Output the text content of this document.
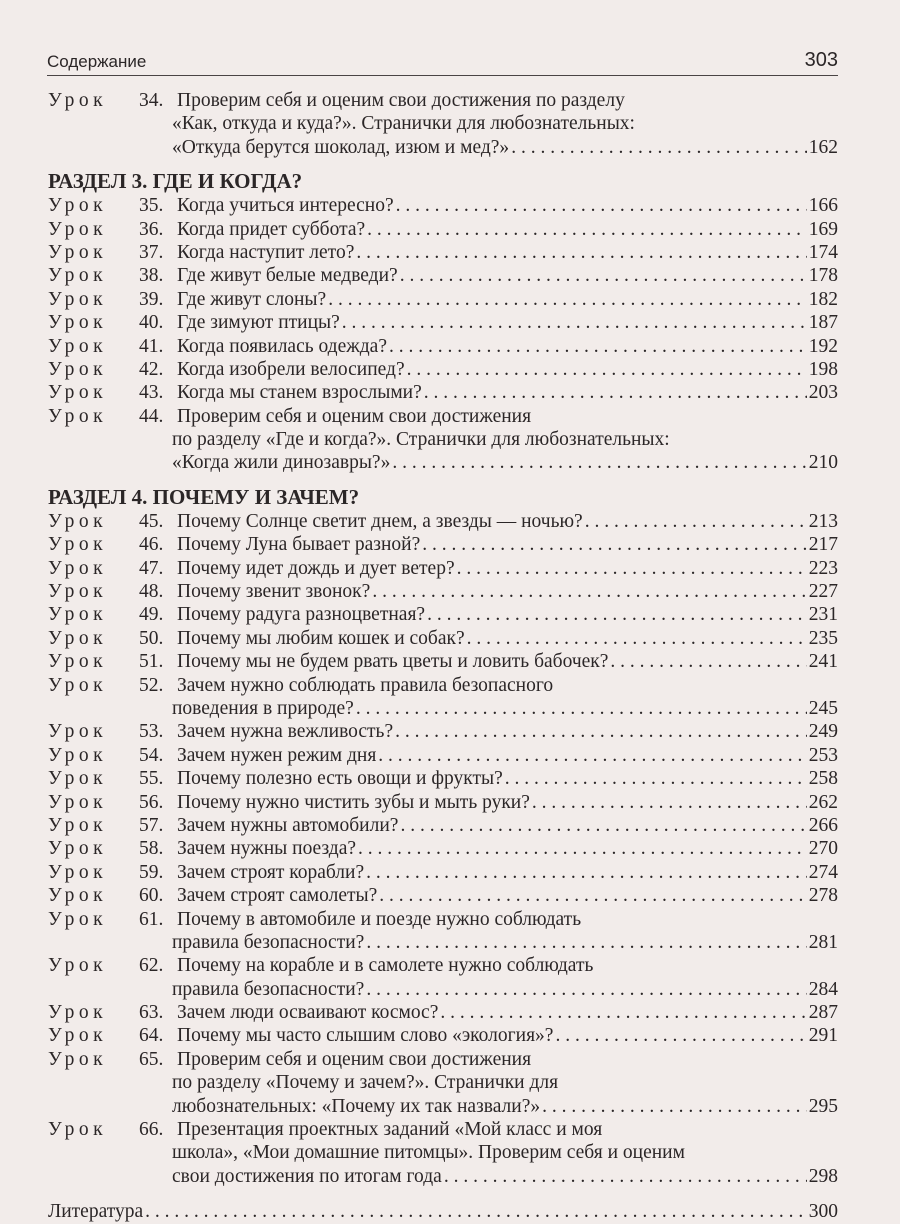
Содержание	303
Урок	34. Проверим себя и оценим свои достижения по разделу
«Как, откуда и куда?». Странички для любознательных:
«Откуда берутся шоколад, изюм и мед?» . . .	162
РАЗДЕЛ 3. ГДЕ И КОГДА?
Урок	35. Когда учиться интересно? . . .	166
Урок	36. Когда придет суббота? . . .	169
Урок	37. Когда наступит лето? . . .	174
Урок	38. Где живут белые медведи? . . .	178
Урок	39. Где живут слоны? . . .	182
Урок	40. Где зимуют птицы? . . .	187
Урок	41. Когда появилась одежда? . . .	192
Урок	42. Когда изобрели велосипед? . . .	198
Урок	43. Когда мы станем взрослыми? . . .	203
Урок	44. Проверим себя и оценим свои достижения
по разделу «Где и когда?». Странички для любознательных:
«Когда жили динозавры?» . . .	210
РАЗДЕЛ 4. ПОЧЕМУ И ЗАЧЕМ?
Урок	45. Почему Солнце светит днем, а звезды — ночью? . . .	213
Урок	46. Почему Луна бывает разной? . . .	217
Урок	47. Почему идет дождь и дует ветер? . . .	223
Урок	48. Почему звенит звонок? . . .	227
Урок	49. Почему радуга разноцветная? . . .	231
Урок	50. Почему мы любим кошек и собак? . . .	235
Урок	51. Почему мы не будем рвать цветы и ловить бабочек? . . .	241
Урок	52. Зачем нужно соблюдать правила безопасного
поведения в природе? . . .	245
Урок	53. Зачем нужна вежливость? . . .	249
Урок	54. Зачем нужен режим дня . . .	253
Урок	55. Почему полезно есть овощи и фрукты? . . .	258
Урок	56. Почему нужно чистить зубы и мыть руки? . . .	262
Урок	57. Зачем нужны автомобили? . . .	266
Урок	58. Зачем нужны поезда? . . .	270
Урок	59. Зачем строят корабли? . . .	274
Урок	60. Зачем строят самолеты? . . .	278
Урок	61. Почему в автомобиле и поезде нужно соблюдать
правила безопасности? . . .	281
Урок	62. Почему на корабле и в самолете нужно соблюдать
правила безопасности? . . .	284
Урок	63. Зачем люди осваивают космос? . . .	287
Урок	64. Почему мы часто слышим слово «экология»? . . .	291
Урок	65. Проверим себя и оценим свои достижения
по разделу «Почему и зачем?». Странички для
любознательных: «Почему их так назвали?» . . .	295
Урок	66. Презентация проектных заданий «Мой класс и моя
школа», «Мои домашние питомцы». Проверим себя и оценим
свои достижения по итогам года . . .	298
Литература . . .	300
